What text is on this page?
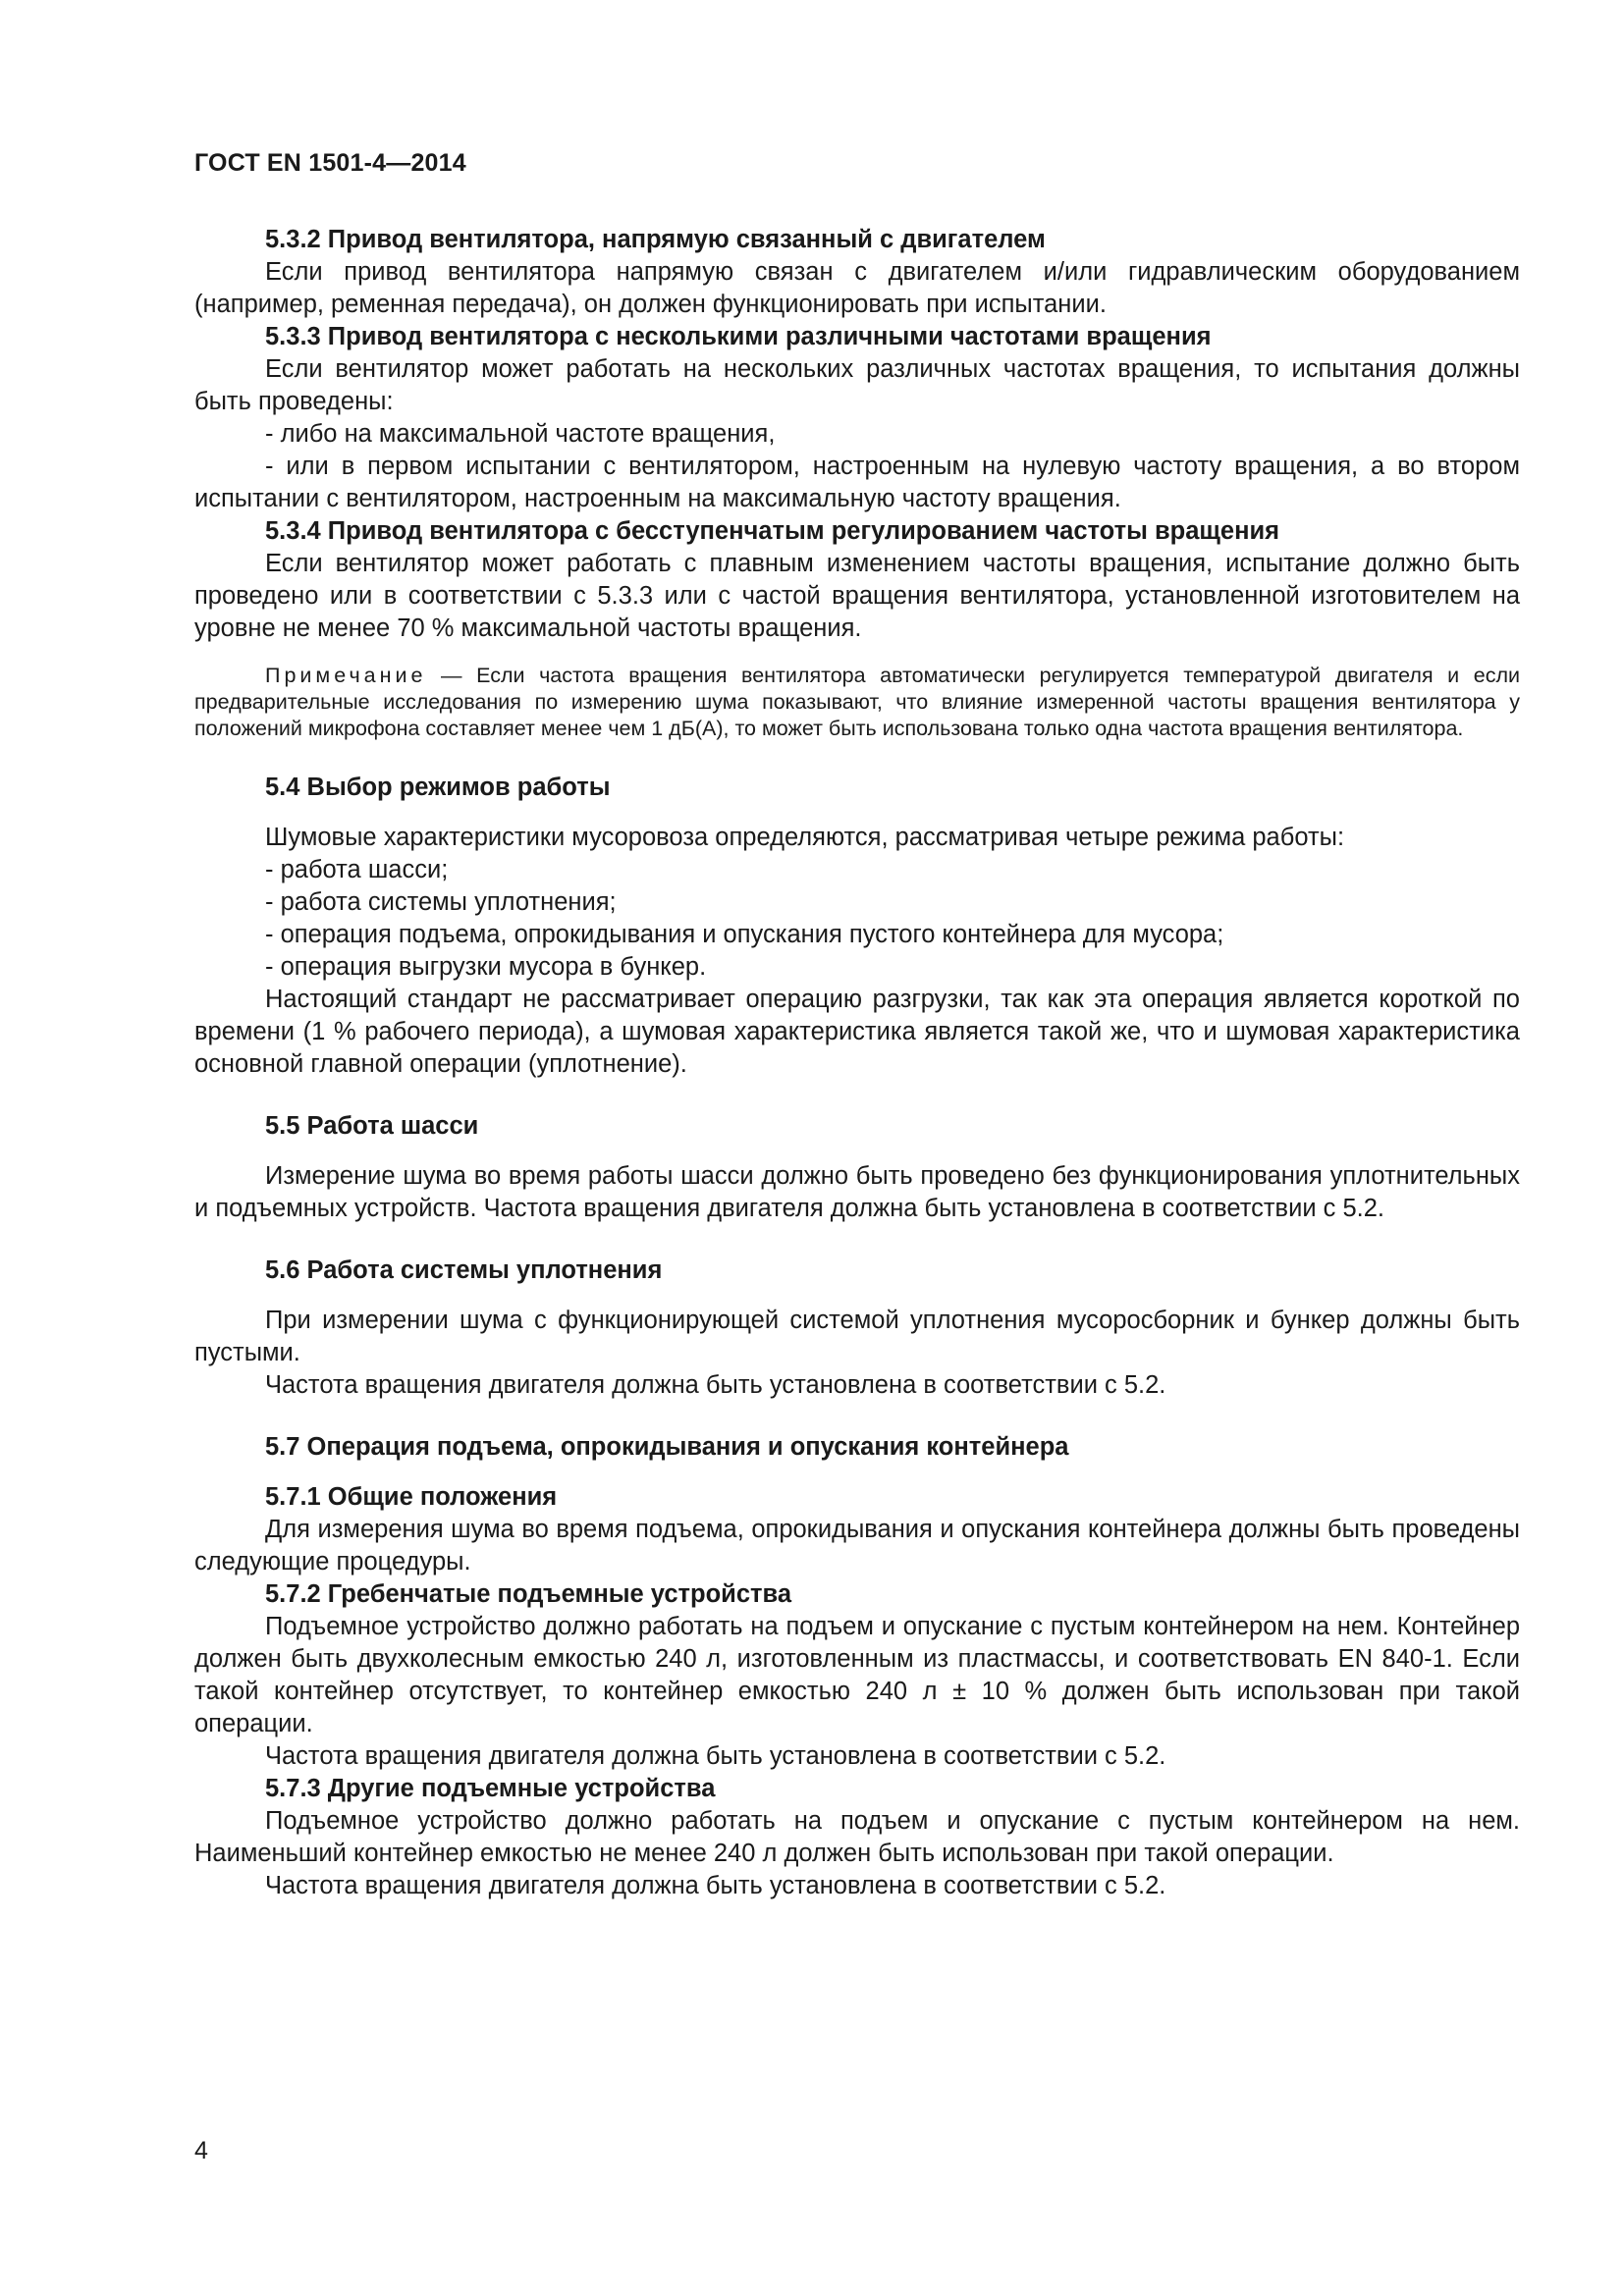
ГОСТ EN 1501-4—2014
5.3.2 Привод вентилятора, напрямую связанный с двигателем
Если привод вентилятора напрямую связан с двигателем и/или гидравлическим оборудованием (например, ременная передача), он должен функционировать при испытании.
5.3.3 Привод вентилятора с несколькими различными частотами вращения
Если вентилятор может работать на нескольких различных частотах вращения, то испытания должны быть проведены:
- либо на максимальной частоте вращения,
- или в первом испытании с вентилятором, настроенным на нулевую частоту вращения, а во втором испытании с вентилятором, настроенным на максимальную частоту вращения.
5.3.4 Привод вентилятора с бесступенчатым регулированием частоты вращения
Если вентилятор может работать с плавным изменением частоты вращения, испытание должно быть проведено или в соответствии с 5.3.3 или с частой вращения вентилятора, установленной изготовителем на уровне не менее 70 % максимальной частоты вращения.
Примечание — Если частота вращения вентилятора автоматически регулируется температурой двигателя и если предварительные исследования по измерению шума показывают, что влияние измеренной частоты вращения вентилятора у положений микрофона составляет менее чем 1 дБ(А), то может быть использована только одна частота вращения вентилятора.
5.4 Выбор режимов работы
Шумовые характеристики мусоровоза определяются, рассматривая четыре режима работы:
- работа шасси;
- работа системы уплотнения;
- операция подъема, опрокидывания и опускания пустого контейнера для мусора;
- операция выгрузки мусора в бункер.
Настоящий стандарт не рассматривает операцию разгрузки, так как эта операция является короткой по времени (1 % рабочего периода), а шумовая характеристика является такой же, что и шумовая характеристика основной главной операции (уплотнение).
5.5 Работа шасси
Измерение шума во время работы шасси должно быть проведено без функционирования уплотнительных и подъемных устройств. Частота вращения двигателя должна быть установлена в соответствии с 5.2.
5.6 Работа системы уплотнения
При измерении шума с функционирующей системой уплотнения мусоросборник и бункер должны быть пустыми.
Частота вращения двигателя должна быть установлена в соответствии с 5.2.
5.7 Операция подъема, опрокидывания и опускания контейнера
5.7.1 Общие положения
Для измерения шума во время подъема, опрокидывания и опускания контейнера должны быть проведены следующие процедуры.
5.7.2 Гребенчатые подъемные устройства
Подъемное устройство должно работать на подъем и опускание с пустым контейнером на нем. Контейнер должен быть двухколесным емкостью 240 л, изготовленным из пластмассы, и соответствовать EN 840-1. Если такой контейнер отсутствует, то контейнер емкостью 240 л ± 10 % должен быть использован при такой операции.
Частота вращения двигателя должна быть установлена в соответствии с 5.2.
5.7.3 Другие подъемные устройства
Подъемное устройство должно работать на подъем и опускание с пустым контейнером на нем. Наименьший контейнер емкостью не менее 240 л должен быть использован при такой операции.
Частота вращения двигателя должна быть установлена в соответствии с 5.2.
4
